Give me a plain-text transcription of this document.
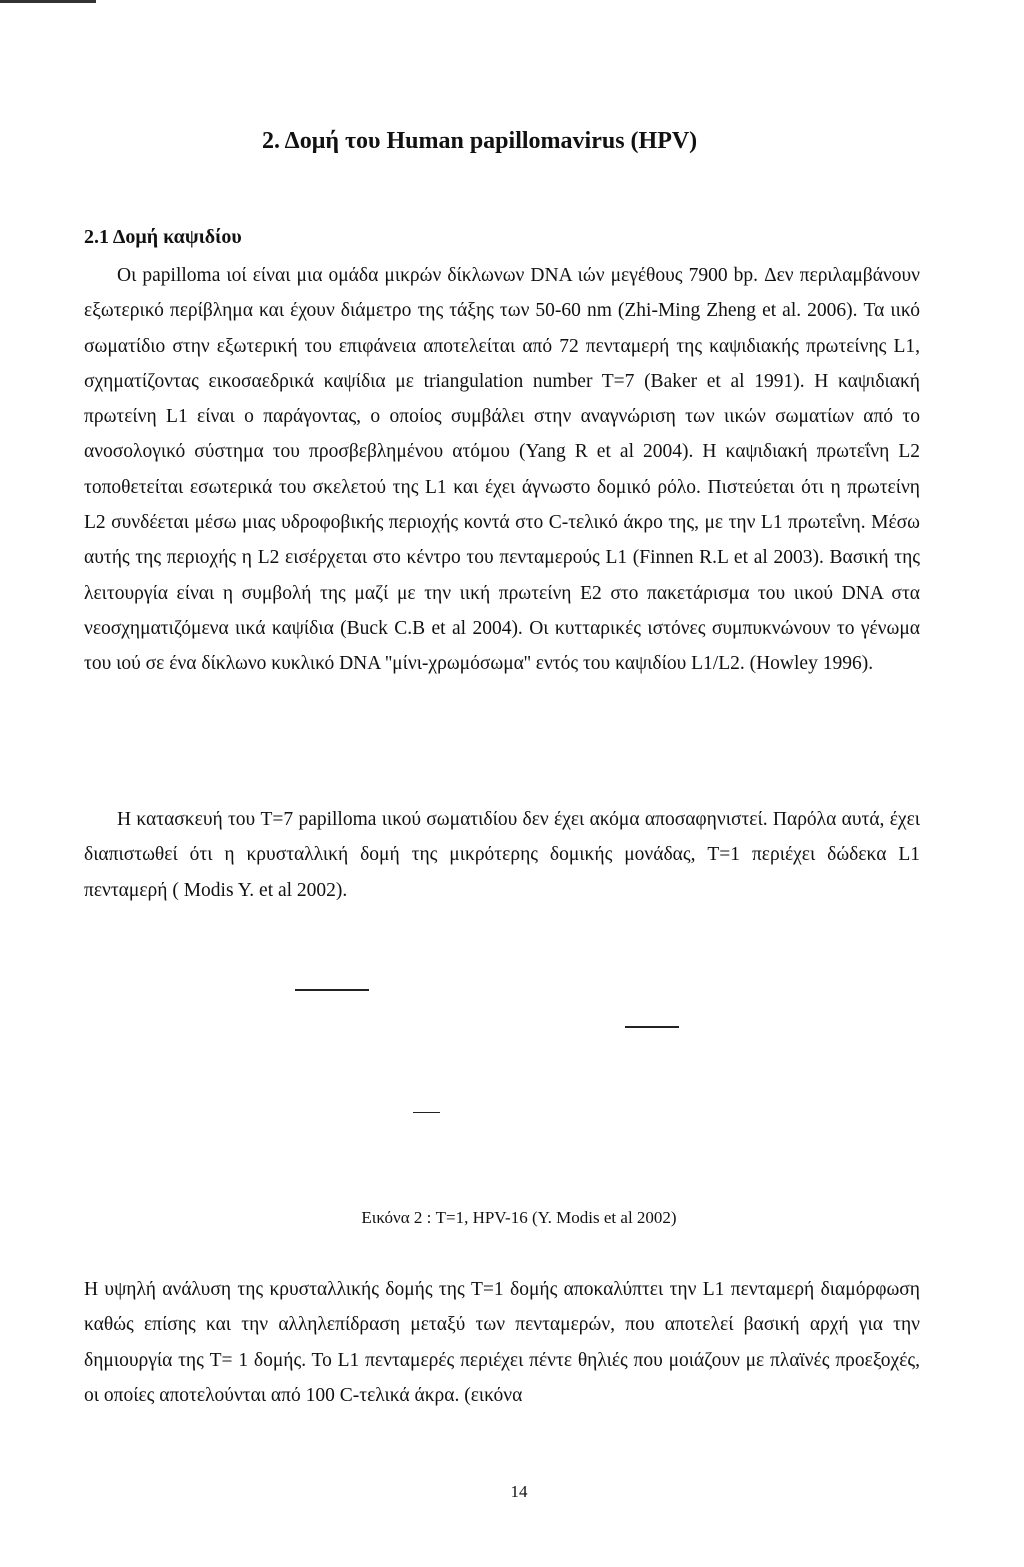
2. Δομή του Human papillomavirus (HPV)
2.1 Δομή καψιδίου

Οι papilloma ιοί είναι μια ομάδα μικρών δίκλωνων DNA ιών μεγέθους 7900 bp. Δεν περιλαμβάνουν εξωτερικό περίβλημα και έχουν διάμετρο της τάξης των 50-60 nm (Zhi-Ming Zheng et al. 2006). Τα ιικό σωματίδιο στην εξωτερική του επιφάνεια αποτελείται από 72 πενταμερή της καψιδιακής πρωτείνης L1, σχηματίζοντας εικοσαεδρικά καψίδια με triangulation number T=7 (Baker et al 1991). Η καψιδιακή πρωτείνη L1 είναι ο παράγοντας, ο οποίος συμβάλει στην αναγνώριση των ιικών σωματίων από το ανοσολογικό σύστημα του προσβεβλημένου ατόμου (Yang R et al 2004). Η καψιδιακή πρωτεΐνη L2 τοποθετείται εσωτερικά του σκελετού της L1 και έχει άγνωστο δομικό ρόλο. Πιστεύεται ότι η πρωτείνη L2 συνδέεται μέσω μιας υδροφοβικής περιοχής κοντά στο C-τελικό άκρο της, με την L1 πρωτεΐνη. Μέσω αυτής της περιοχής η L2 εισέρχεται στο κέντρο του πενταμερούς L1 (Finnen R.L et al 2003). Βασική της λειτουργία είναι η συμβολή της μαζί με την ιική πρωτείνη E2 στο πακετάρισμα του ιικού DNA στα νεοσχηματιζόμενα ιικά καψίδια (Buck C.B et al 2004). Οι κυτταρικές ιστόνες συμπυκνώνουν το γένωμα του ιού σε ένα δίκλωνο κυκλικό DNA ''μίνι-χρωμόσωμα'' εντός του καψιδίου L1/L2. (Howley 1996).

Η κατασκευή του T=7 papilloma ιικού σωματιδίου δεν έχει ακόμα αποσαφηνιστεί. Παρόλα αυτά, έχει διαπιστωθεί ότι η κρυσταλλική δομή της μικρότερης δομικής μονάδας, T=1 περιέχει δώδεκα L1 πενταμερή ( Modis Y. et al 2002).

Εικόνα 2 : T=1, HPV-16 (Y. Modis et al 2002)

Η υψηλή ανάλυση της κρυσταλλικής δομής της T=1 δομής αποκαλύπτει την L1 πενταμερή διαμόρφωση καθώς επίσης και την αλληλεπίδραση μεταξύ των πενταμερών, που αποτελεί βασική αρχή για την δημιουργία της T= 1 δομής. Το L1 πενταμερές περιέχει πέντε θηλιές που μοιάζουν με πλαϊνές προεξοχές, οι οποίες αποτελούνται από 100 C-τελικά άκρα. (εικόνα

14
